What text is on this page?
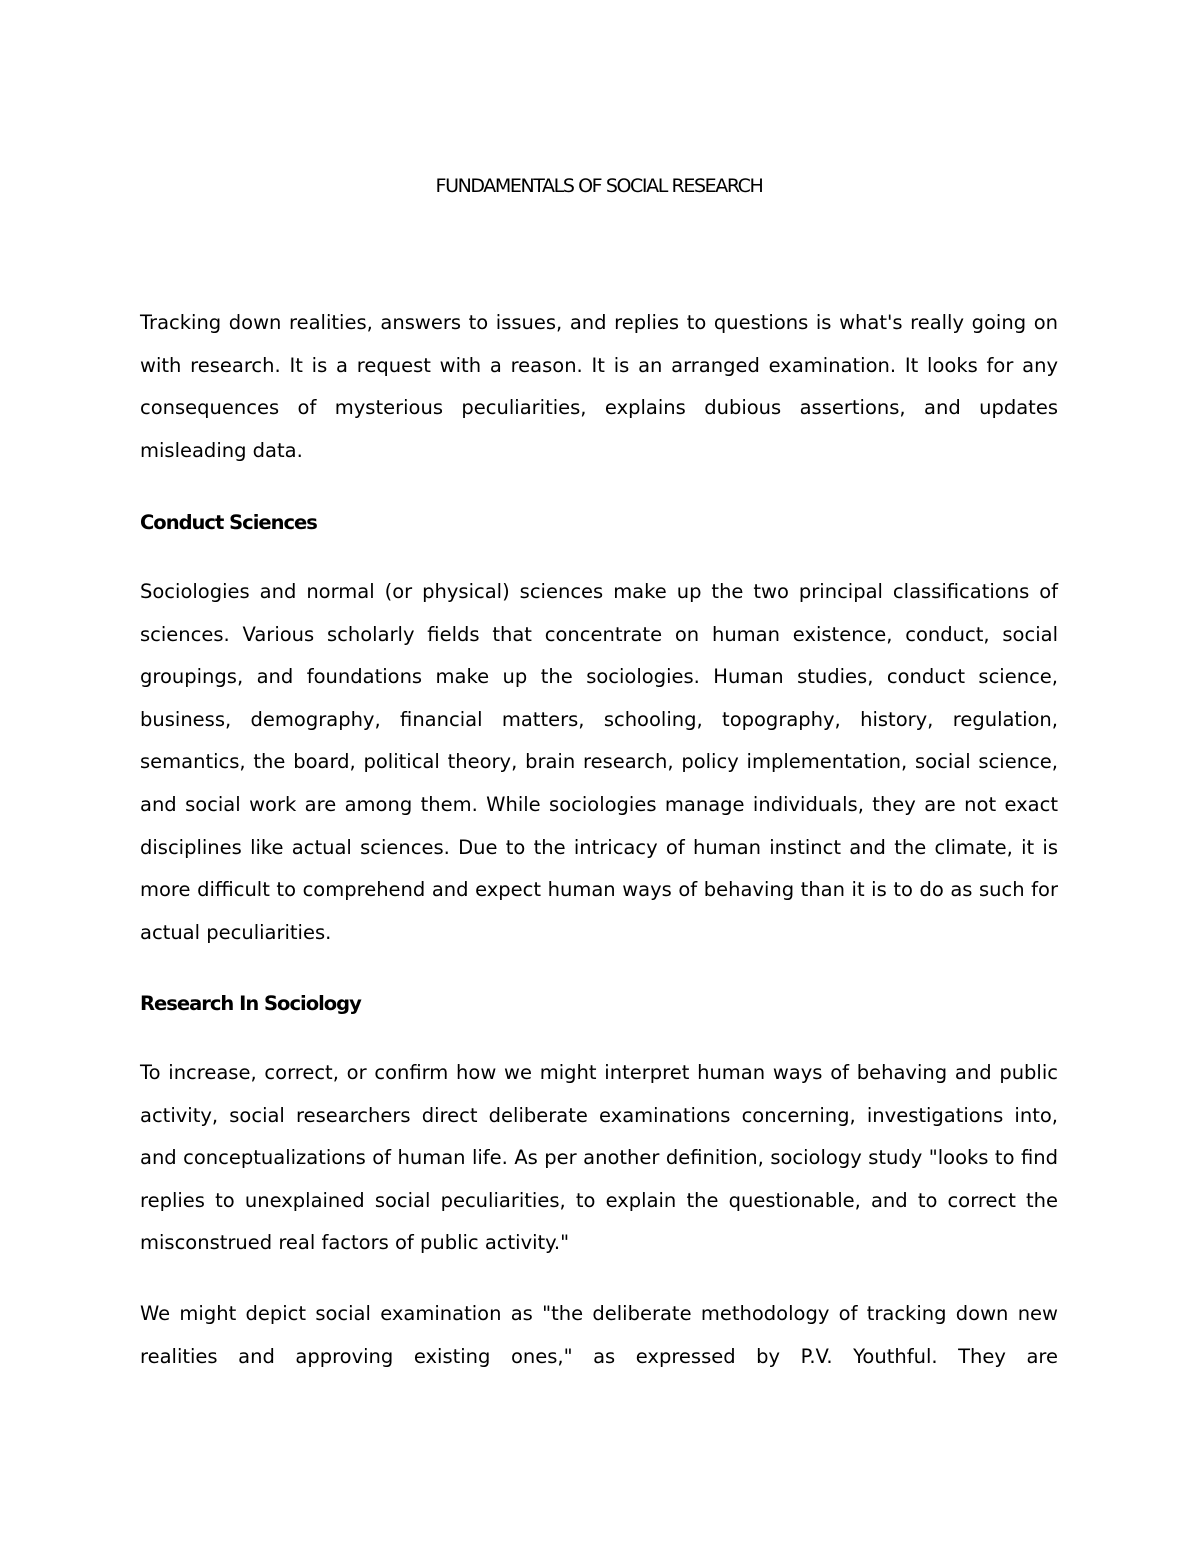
FUNDAMENTALS OF SOCIAL RESEARCH

Tracking down realities, answers to issues, and replies to questions is what's really going on with research. It is a request with a reason. It is an arranged examination. It looks for any consequences of mysterious peculiarities, explains dubious assertions, and updates misleading data.

Conduct Sciences

Sociologies and normal (or physical) sciences make up the two principal classifications of sciences. Various scholarly fields that concentrate on human existence, conduct, social groupings, and foundations make up the sociologies. Human studies, conduct science, business, demography, financial matters, schooling, topography, history, regulation, semantics, the board, political theory, brain research, policy implementation, social science, and social work are among them. While sociologies manage individuals, they are not exact disciplines like actual sciences. Due to the intricacy of human instinct and the climate, it is more difficult to comprehend and expect human ways of behaving than it is to do as such for actual peculiarities.

Research In Sociology

To increase, correct, or confirm how we might interpret human ways of behaving and public activity, social researchers direct deliberate examinations concerning, investigations into, and conceptualizations of human life. As per another definition, sociology study "looks to find replies to unexplained social peculiarities, to explain the questionable, and to correct the misconstrued real factors of public activity."

We might depict social examination as "the deliberate methodology of tracking down new realities and approving existing ones," as expressed by P.V. Youthful. They are
